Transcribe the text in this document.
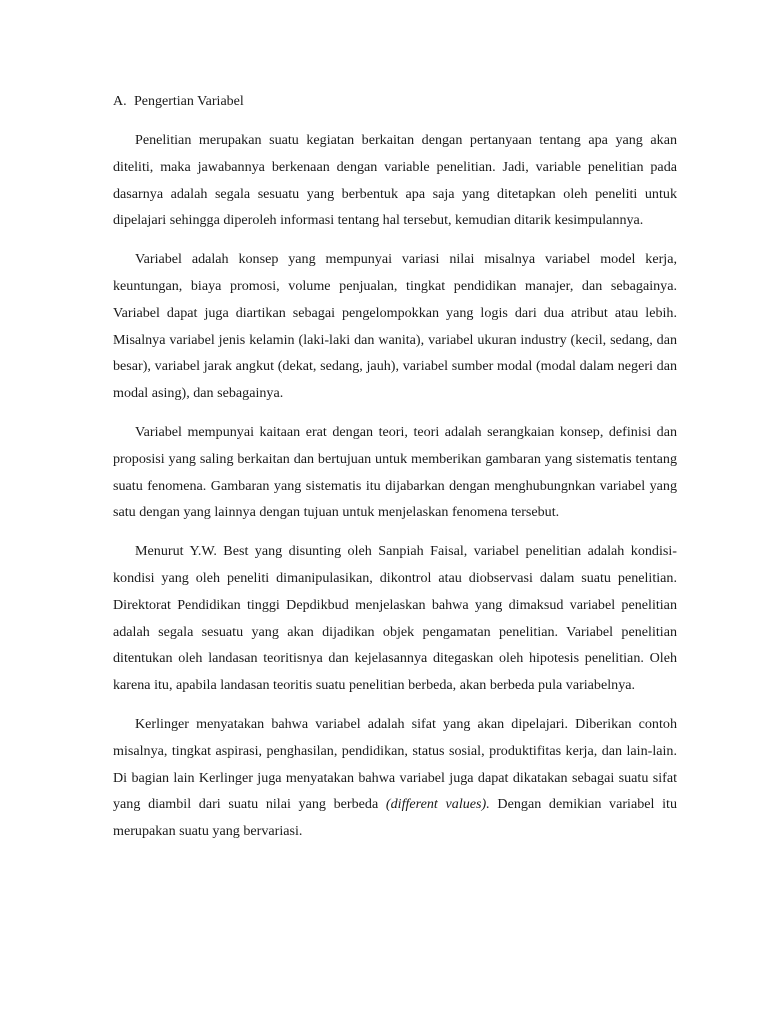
A. Pengertian Variabel

Penelitian merupakan suatu kegiatan berkaitan dengan pertanyaan tentang apa yang akan diteliti, maka jawabannya berkenaan dengan variable penelitian. Jadi, variable penelitian pada dasarnya adalah segala sesuatu yang berbentuk apa saja yang ditetapkan oleh peneliti untuk dipelajari sehingga diperoleh informasi tentang hal tersebut, kemudian ditarik kesimpulannya.

Variabel adalah konsep yang mempunyai variasi nilai misalnya variabel model kerja, keuntungan, biaya promosi, volume penjualan, tingkat pendidikan manajer, dan sebagainya. Variabel dapat juga diartikan sebagai pengelompokkan yang logis dari dua atribut atau lebih. Misalnya variabel jenis kelamin (laki-laki dan wanita), variabel ukuran industry (kecil, sedang, dan besar), variabel jarak angkut (dekat, sedang, jauh), variabel sumber modal (modal dalam negeri dan modal asing), dan sebagainya.

Variabel mempunyai kaitaan erat dengan teori, teori adalah serangkaian konsep, definisi dan proposisi yang saling berkaitan dan bertujuan untuk memberikan gambaran yang sistematis tentang suatu fenomena. Gambaran yang sistematis itu dijabarkan dengan menghubungnkan variabel yang satu dengan yang lainnya dengan tujuan untuk menjelaskan fenomena tersebut.

Menurut Y.W. Best yang disunting oleh Sanpiah Faisal, variabel penelitian adalah kondisi-kondisi yang oleh peneliti dimanipulasikan, dikontrol atau diobservasi dalam suatu penelitian. Direktorat Pendidikan tinggi Depdikbud menjelaskan bahwa yang dimaksud variabel penelitian adalah segala sesuatu yang akan dijadikan objek pengamatan penelitian. Variabel penelitian ditentukan oleh landasan teoritisnya dan kejelasannya ditegaskan oleh hipotesis penelitian. Oleh karena itu, apabila landasan teoritis suatu penelitian berbeda, akan berbeda pula variabelnya.

Kerlinger menyatakan bahwa variabel adalah sifat yang akan dipelajari. Diberikan contoh misalnya, tingkat aspirasi, penghasilan, pendidikan, status sosial, produktifitas kerja, dan lain-lain. Di bagian lain Kerlinger juga menyatakan bahwa variabel juga dapat dikatakan sebagai suatu sifat yang diambil dari suatu nilai yang berbeda (different values). Dengan demikian variabel itu merupakan suatu yang bervariasi.
